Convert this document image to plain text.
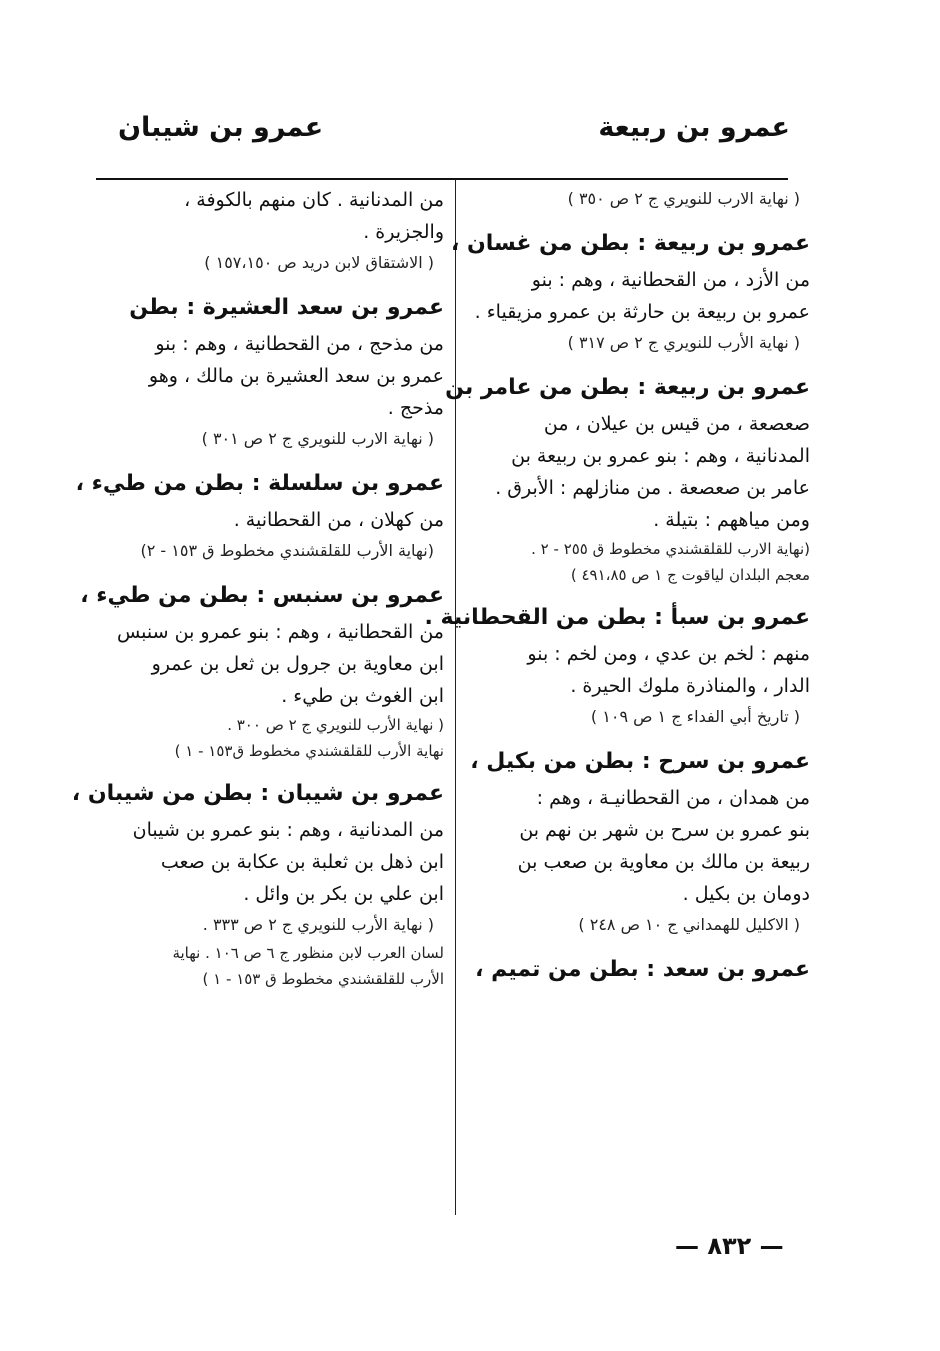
عمرو بن ربيعة
عمرو بن شيبان
( نهاية الارب للنويري ج ٢ ص ٣٥٠ )
عمرو بن ربيعة : بطن من غسان ،
من الأزد ، من القحطانية ، وهم : بنو
عمرو بن ربيعة بن حارثة بن عمرو مزيقياء .
( نهاية الأرب للنويري ج ٢ ص ٣١٧ )
عمرو بن ربيعة : بطن من عامر بن
صعصعة ، من قيس بن عيلان ، من
المدنانية ، وهم : بنو عمرو بن ربيعة بن
عامر بن صعصعة . من منازلهم : الأبرق .
ومن مياههم : بتيلة .
(نهاية الارب للقلقشندي مخطوط ق ٢٥٥ - ٢ .
معجم البلدان لياقوت ج ١ ص ٤٩١،٨٥ )
عمرو بن سبأ : بطن من القحطانية .
منهم : لخم بن عدي ، ومن لخم : بنو
الدار ، والمناذرة ملوك الحيرة .
( تاريخ أبي الفداء ج ١ ص ١٠٩ )
عمرو بن سرح : بطن من بكيل ،
من همدان ، من القحطانيـة ، وهم :
بنو عمرو بن سرح بن شهر بن نهم بن
ربيعة بن مالك بن معاوية بن صعب بن
دومان بن بكيل .
( الاكليل للهمداني ج ١٠ ص ٢٤٨ )
عمرو بن سعد : بطن من تميم ،
من المدنانية . كان منهم بالكوفة ،
والجزيرة .
( الاشتقاق لابن دريد ص ١٥٧،١٥٠ )
عمرو بن سعد العشيرة : بطن
من مذحج ، من القحطانية ، وهم : بنو
عمرو بن سعد العشيرة بن مالك ، وهو
مذحج .
( نهاية الارب للنويري ج ٢ ص ٣٠١ )
عمرو بن سلسلة : بطن من طيء ،
من كهلان ، من القحطانية .
(نهاية الأرب للقلقشندي مخطوط ق ١٥٣ - ٢)
عمرو بن سنبس : بطن من طيء ،
من القحطانية ، وهم : بنو عمرو بن سنبس
ابن معاوية بن جرول بن ثعل بن عمرو
ابن الغوث بن طيء .
( نهاية الأرب للنويري ج ٢ ص ٣٠٠ .
نهاية الأرب للقلقشندي مخطوط ق١٥٣ - ١ )
عمرو بن شيبان : بطن من شيبان ،
من المدنانية ، وهم : بنو عمرو بن شيبان
ابن ذهل بن ثعلبة بن عكابة بن صعب
ابن علي بن بكر بن وائل .
( نهاية الأرب للنويري ج ٢ ص ٣٣٣ .
لسان العرب لابن منظور ج ٦ ص ١٠٦ . نهاية
الأرب للقلقشندي مخطوط ق ١٥٣ - ١ )
— ٨٣٢ —
